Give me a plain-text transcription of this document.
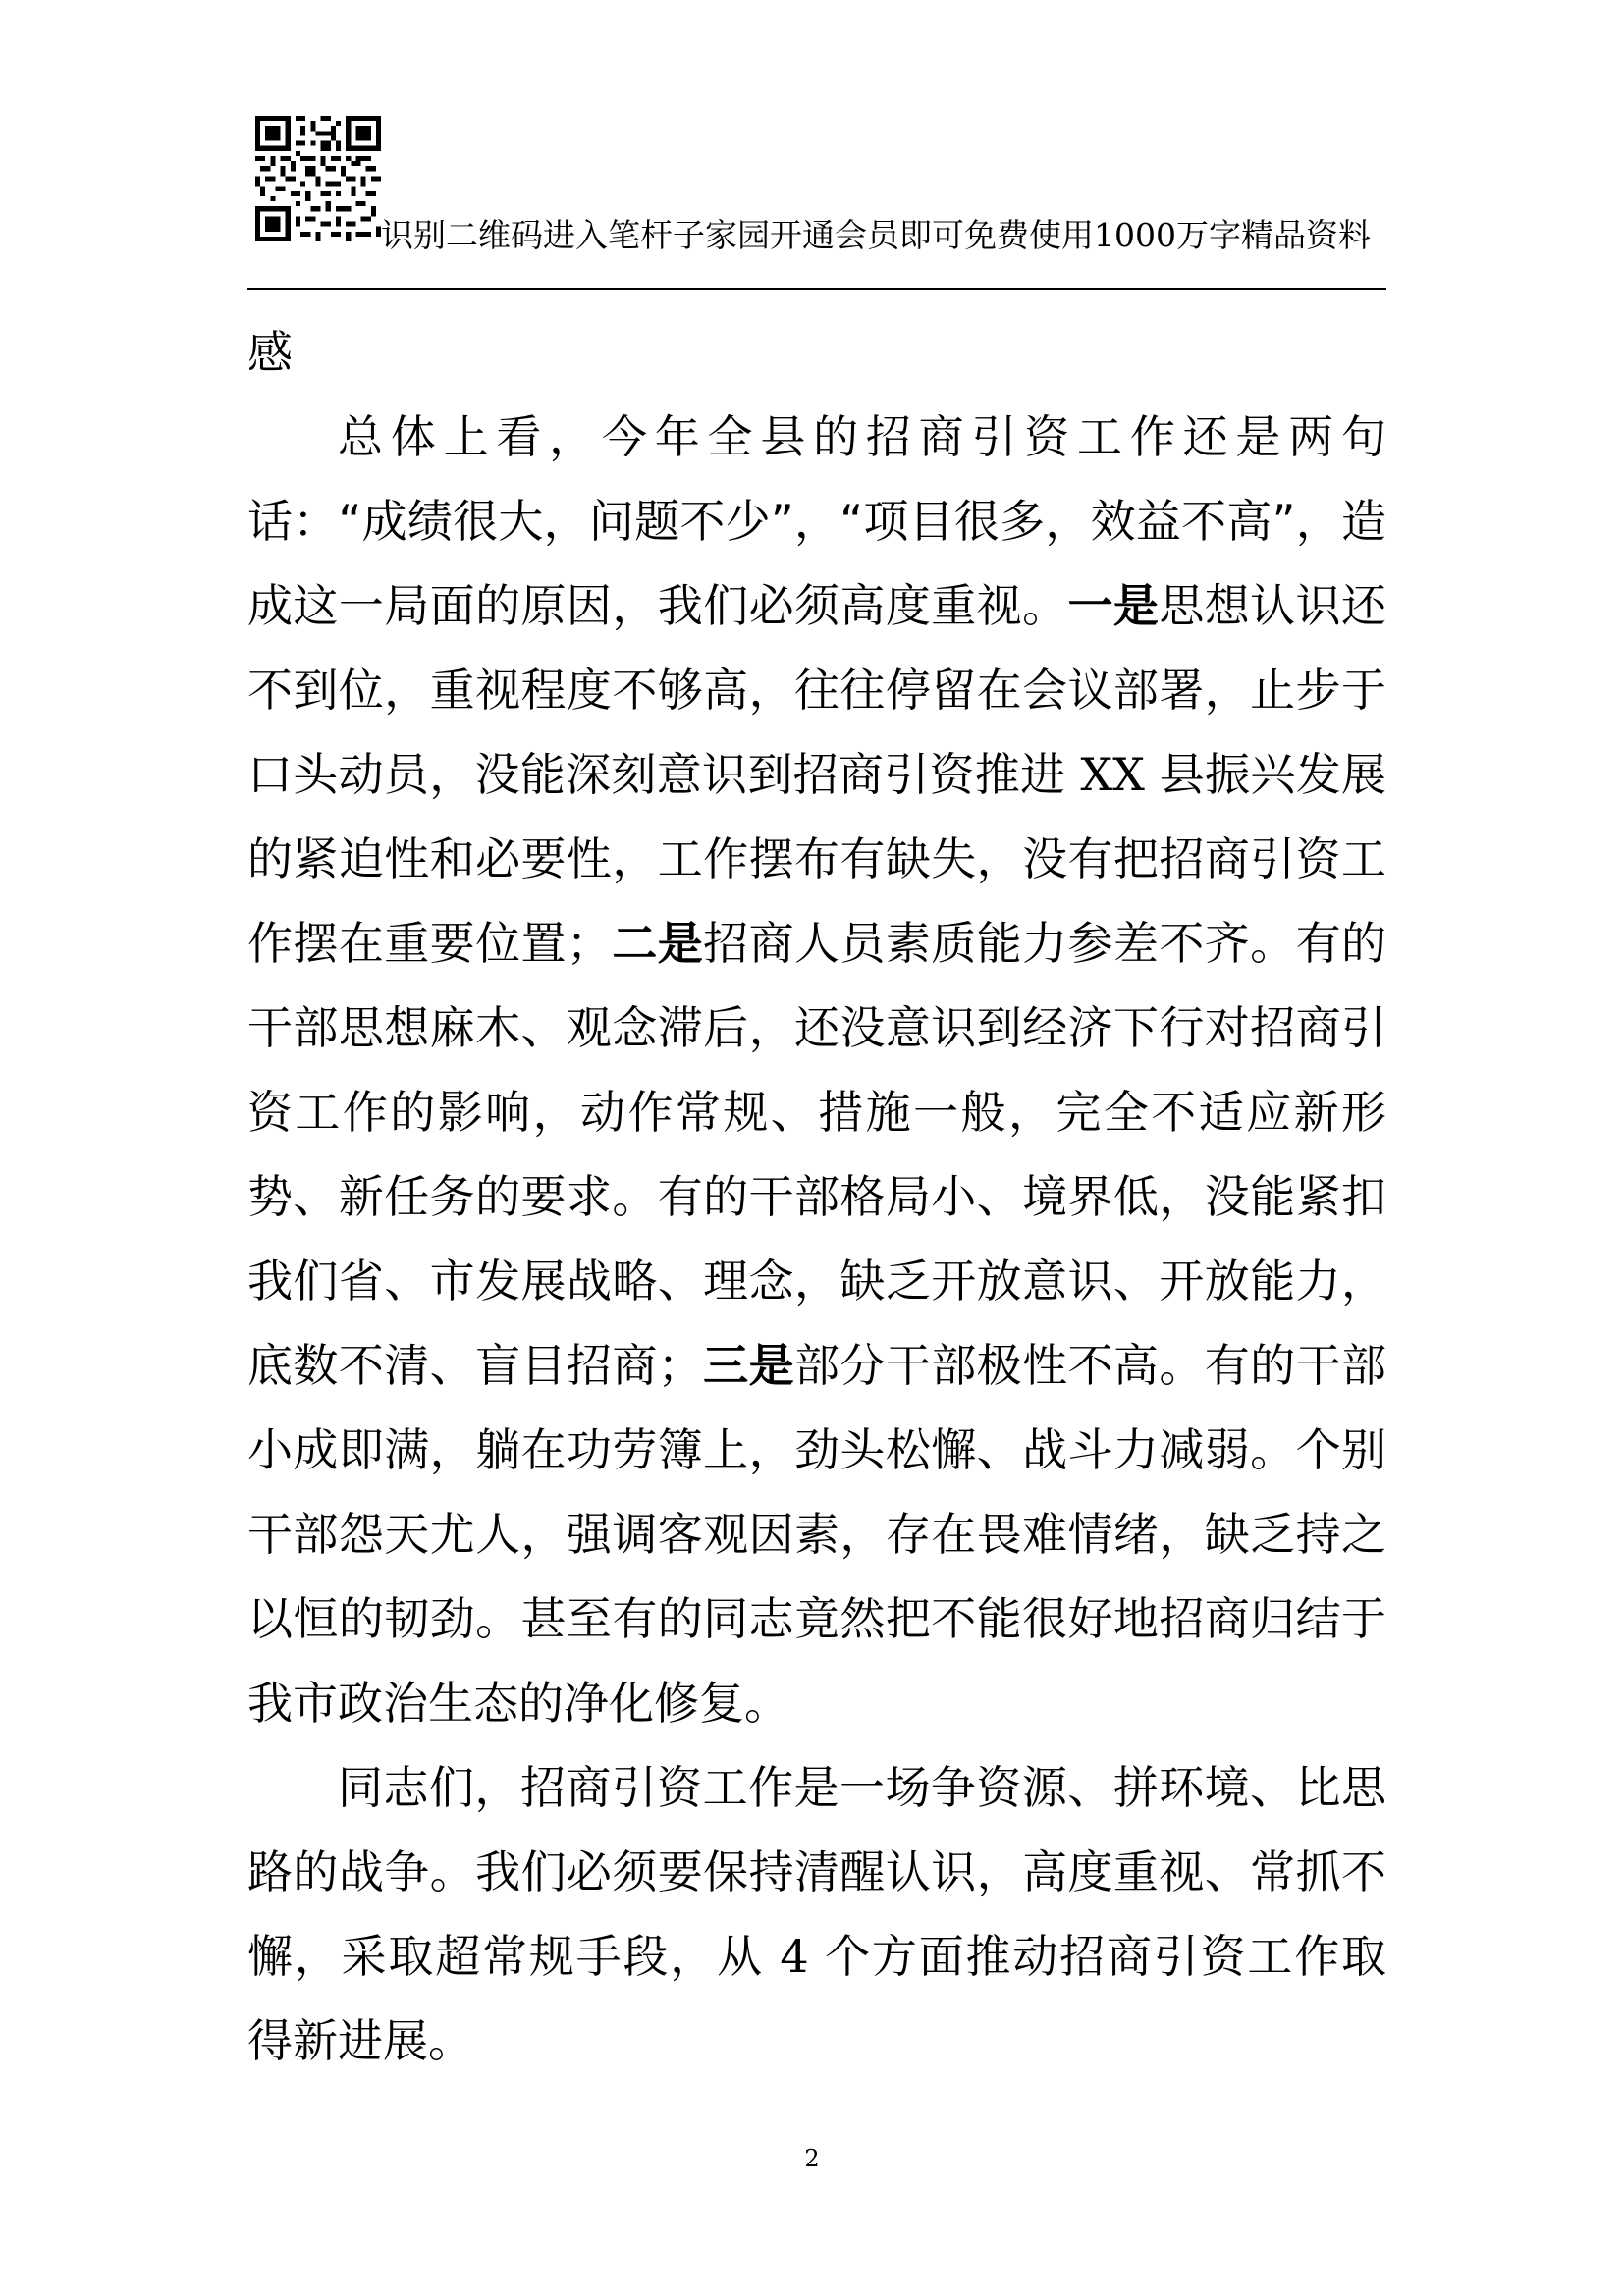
识别二维码进入笔杆子家园开通会员即可免费使用1000万字精品资料

感

总体上看，今年全县的招商引资工作还是两句话：“成绩很大，问题不少”，“项目很多，效益不高”，造成这一局面的原因，我们必须高度重视。一是思想认识还不到位，重视程度不够高，往往停留在会议部署，止步于口头动员，没能深刻意识到招商引资推进 XX 县振兴发展的紧迫性和必要性，工作摆布有缺失，没有把招商引资工作摆在重要位置；二是招商人员素质能力参差不齐。有的干部思想麻木、观念滞后，还没意识到经济下行对招商引资工作的影响，动作常规、措施一般，完全不适应新形势、新任务的要求。有的干部格局小、境界低，没能紧扣我们省、市发展战略、理念，缺乏开放意识、开放能力，底数不清、盲目招商；三是部分干部极性不高。有的干部小成即满，躺在功劳簿上，劲头松懈、战斗力减弱。个别干部怨天尤人，强调客观因素，存在畏难情绪，缺乏持之以恒的韧劲。甚至有的同志竟然把不能很好地招商归结于我市政治生态的净化修复。

同志们，招商引资工作是一场争资源、拼环境、比思路的战争。我们必须要保持清醒认识，高度重视、常抓不懈，采取超常规手段，从 4 个方面推动招商引资工作取得新进展。

2
